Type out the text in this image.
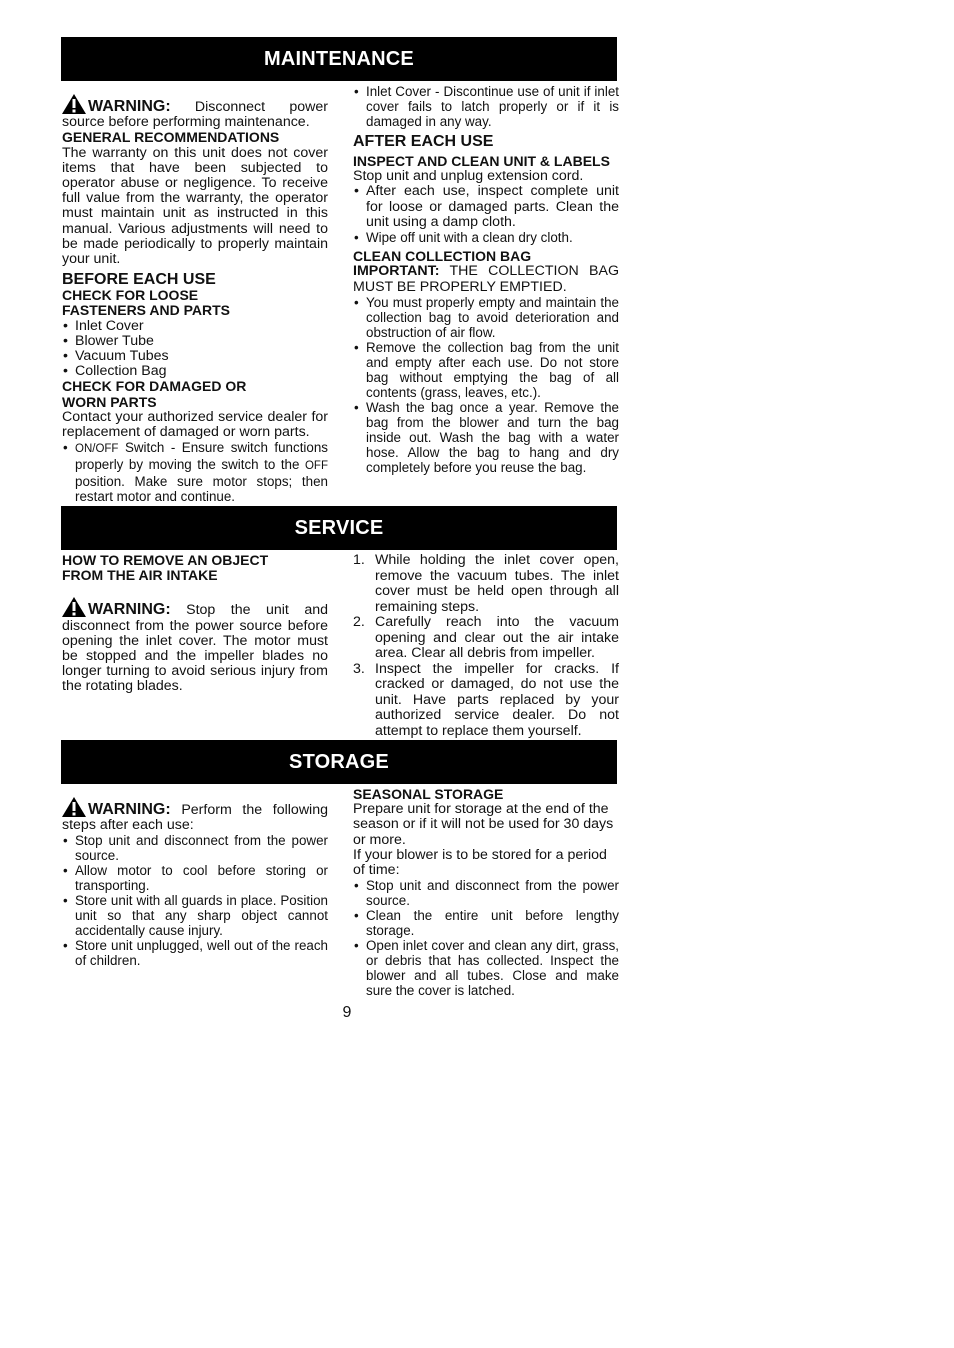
MAINTENANCE

WARNING: Disconnect power source before performing maintenance.

GENERAL RECOMMENDATIONS

The warranty on this unit does not cover items that have been subjected to operator abuse or negligence. To receive full value from the warranty, the operator must maintain unit as instructed in this manual. Various adjustments will need to be made periodically to properly maintain your unit.

BEFORE EACH USE
CHECK FOR LOOSE
FASTENERS AND PARTS
• Inlet Cover
• Blower Tube
• Vacuum Tubes
• Collection Bag
CHECK FOR DAMAGED OR
WORN PARTS

Contact your authorized service dealer for replacement of damaged or worn parts.

• ON/OFF Switch - Ensure switch functions properly by moving the switch to the OFF position. Make sure motor stops; then restart motor and continue.
• Inlet Cover - Discontinue use of unit if inlet cover fails to latch properly or if it is damaged in any way.
AFTER EACH USE
INSPECT AND CLEAN UNIT & LABELS

Stop unit and unplug extension cord.

• After each use, inspect complete unit for loose or damaged parts. Clean the unit using a damp cloth.
• Wipe off unit with a clean dry cloth.
CLEAN COLLECTION BAG

IMPORTANT: THE COLLECTION BAG MUST BE PROPERLY EMPTIED.

• You must properly empty and maintain the collection bag to avoid deterioration and obstruction of air flow.
• Remove the collection bag from the unit and empty after each use. Do not store bag without emptying the bag of all contents (grass, leaves, etc.).
• Wash the bag once a year. Remove the bag from the blower and turn the bag inside out. Wash the bag with a water hose. Allow the bag to hang and dry completely before you reuse the bag.
SERVICE
HOW TO REMOVE AN OBJECT
FROM THE AIR INTAKE

WARNING: Stop the unit and disconnect from the power source before opening the inlet cover. The motor must be stopped and the impeller blades no longer turning to avoid serious injury from the rotating blades.

1. While holding the inlet cover open, remove the vacuum tubes. The inlet cover must be held open through all remaining steps.
2. Carefully reach into the vacuum opening and clear out the air intake area. Clear all debris from impeller.
3. Inspect the impeller for cracks. If cracked or damaged, do not use the unit. Have parts replaced by your authorized service dealer. Do not attempt to replace them yourself.
STORAGE

WARNING: Perform the following steps after each use:

• Stop unit and disconnect from the power source.
• Allow motor to cool before storing or transporting.
• Store unit with all guards in place. Position unit so that any sharp object cannot accidentally cause injury.
• Store unit unplugged, well out of the reach of children.
SEASONAL STORAGE

Prepare unit for storage at the end of the season or if it will not be used for 30 days or more.

If your blower is to be stored for a period of time:

• Stop unit and disconnect from the power source.
• Clean the entire unit before lengthy storage.
• Open inlet cover and clean any dirt, grass, or debris that has collected. Inspect the blower and all tubes. Close and make sure the cover is latched.
9
